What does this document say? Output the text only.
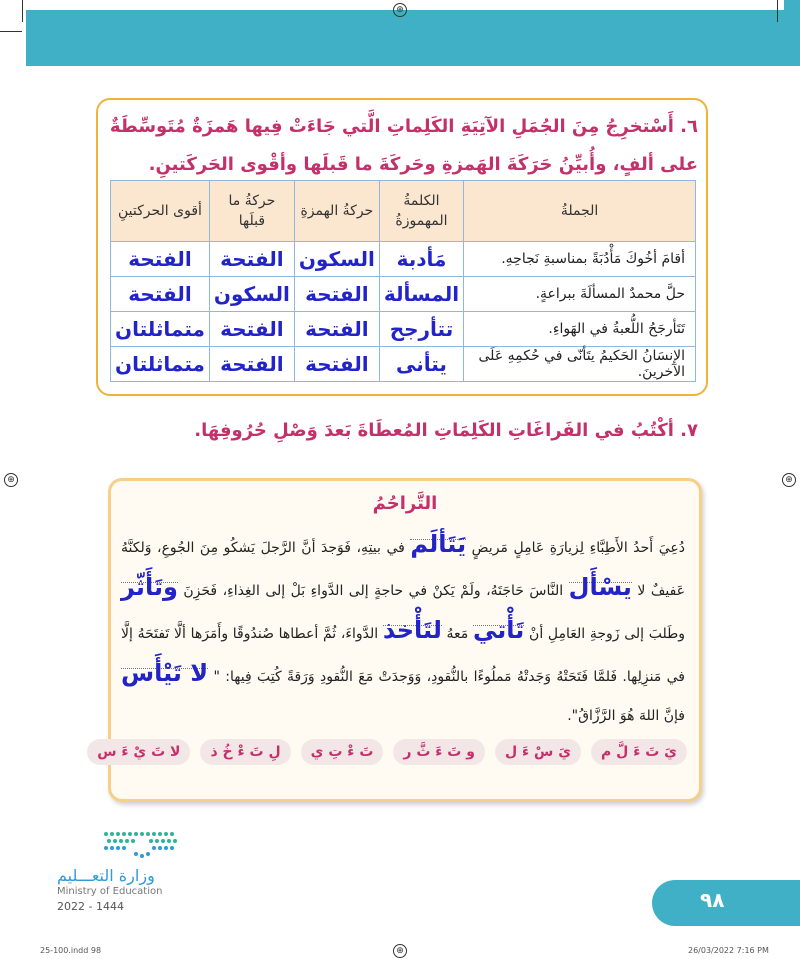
⊕
⊕	⊕

٦. أَسْتخرِجُ مِنَ الجُمَلِ الآتِيَةِ الكَلِماتِ الَّتي جَاءَتْ فِيها هَمزَةٌ مُتَوسِّطَةٌ على ألفٍ، وأُبيِّنُ حَرَكَةَ الهَمزةِ وحَركَةَ ما قَبلَها وأقْوى الحَركَتينِ.

الجملةُ	الكلمةُ المهموزةُ	حركةُ الهمزةِ	حركةُ ما قبلَها	أقوى الحركتينِ
أقامَ أخُوكَ مَأْدُبَةً بمناسبةِ نَجاحِهِ.	مَأدبة	السكون	الفتحة	الفتحة
حلَّ محمدٌ المسألَةَ ببراعةٍ.	المسألة	الفتحة	السكون	الفتحة
تَتَأرجَحُ اللُّعبةُ في الهَواءِ.	تتأرجح	الفتحة	الفتحة	متماثلتان
الإنسَانُ الحَكيمُ يتَأنّى في حُكمِهِ عَلَى الآخرينَ.	يتأنى	الفتحة	الفتحة	متماثلتان
٧. أكْتُبُ في الفَراغَاتِ الكَلِمَاتِ المُعطَاةَ بَعدَ وَصْلِ حُرُوفِهَا.
التَّراحُمُ
دُعِيَ أَحدُ الأَطِبَّاءِ لِزيارَةِ عَامِلٍ مَريضٍ يَتَألَم في بيتِهِ، فَوَجدَ أنَّ الرَّجلَ يَشكُو مِنَ الجُوعِ، وَلكنَّهُ عَفيفٌ لا يسْأَل النَّاسَ حَاجَتَهُ، ولَمْ يَكنْ في حاجةٍ إلى الدَّواءِ بَلْ إلى الغِذاءِ، فَحَزِنَ وتَأَثّر وطَلبَ إلى زَوجةِ العَامِلِ أنْ تَأْتي مَعهُ لتَأْخذ الدَّواءَ، ثُمَّ أعطاها صُندُوقًا وأَمَرَها ألَّا تَفتَحَهُ إلَّا في مَنزِلِها. فَلمَّا فَتَحَتْهُ وَجَدتْهُ مَملُوءًا بالنُّقودِ، وَوَجدَتْ مَعَ النُّقودِ وَرَقةً كُتِبَ فِيها: " لا تَيْأَس فإنَّ اللهَ هُوَ الرَّزَّاقُ".
يَ تَ ءَ لَّ م
يَ سْ ءَ ل
و تَ ءَ ثَّ ر
تَ ءْ تِ ي
لِ تَ ءْ خُ ذ
لا تَ يْ ءَ س
وزارة التعـــليم
Ministry of Education
2022 - 1444	٩٨
⊕
25-100.indd 98	26/03/2022 7:16 PM
